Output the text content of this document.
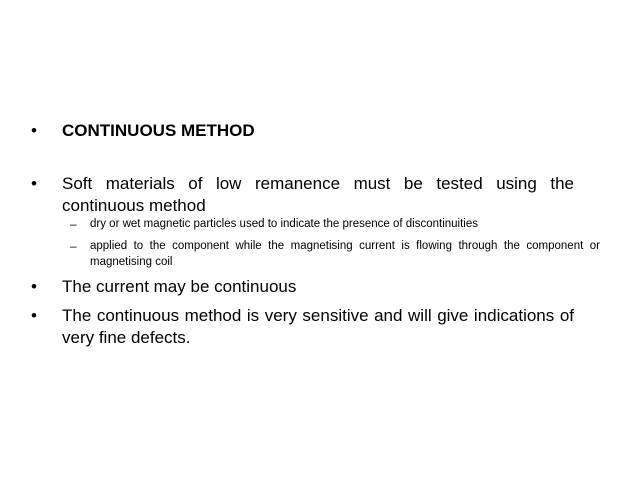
• CONTINUOUS METHOD
• Soft materials of low remanence must be tested using the continuous method
– dry or wet magnetic particles used to indicate the presence of discontinuities
– applied to the component while the magnetising current is flowing through the component or magnetising coil
• The current may be continuous
• The continuous method is very sensitive and will give indications of very fine defects.
